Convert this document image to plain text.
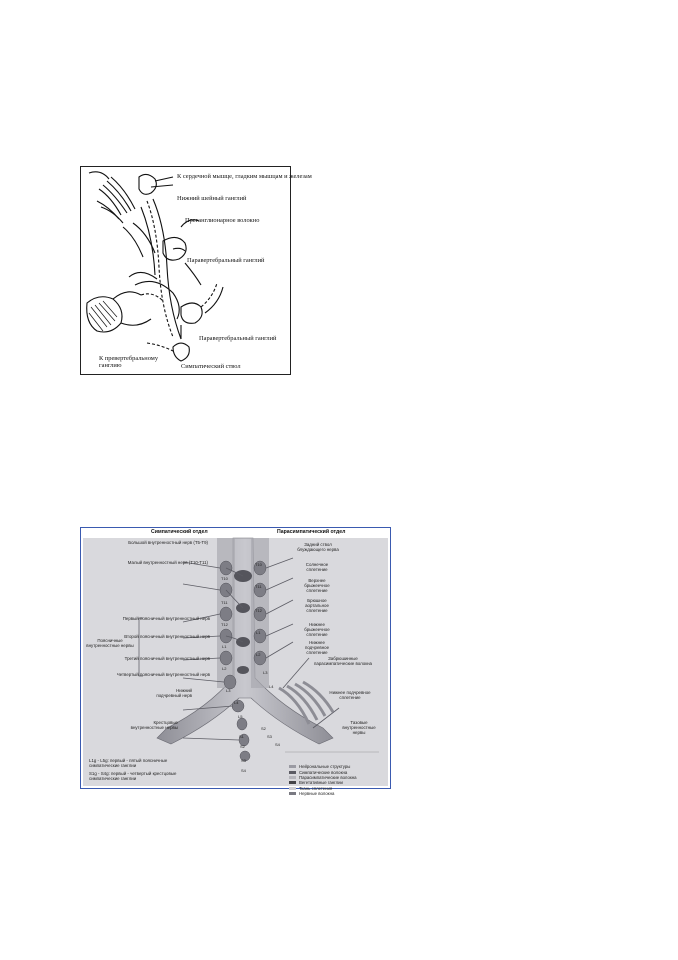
К сердечной мышце, гладким мышцам и железам
Нижний шейный ганглий
Преганглионарное волокно
Паравертебральный ганглий
Паравертебральный ганглий
К превертебральному ганглию	Симпатический ствол
Симпатический отдел	Парасимпатический отдел
Большой внутренностный нерв (T5-T9)
Малый внутренностный нерв (T10-T11)
Первый поясничный внутренностный нерв
Второй поясничный внутренностный нерв
Поясничные внутренностные нервы
Третий поясничный внутренностный нерв
Четвертый поясничный внутренностный нерв
Нижний подчревный нерв
Крестцовые внутренностные нервы
Задний ствол блуждающего нерва
Солнечное сплетение
Верхнее брыжеечное сплетение
Брюшное аортальное сплетение
Нижнее брыжеечное сплетение
Нижнее подчревное сплетение
Забрюшинные парасимпатические волокна
Нижнее подчревное сплетение
Тазовые внутренностные нервы
T10
T11
T12
L1
L2
L3
L4
L5
S1
S2
S3
S4
T10
T11
T12
L1
L2
L3
L4
S2
S3
S4
L1g - L5g: первый - пятый поясничные симпатические ганглии
S1g - S4g: первый - четвертый крестцовые симпатические ганглии
Нейрональные структуры
Симпатические волокна
Парасимпатические волокна
Вегетативные ганглии
Ткань сплетения
Нервные волокна
